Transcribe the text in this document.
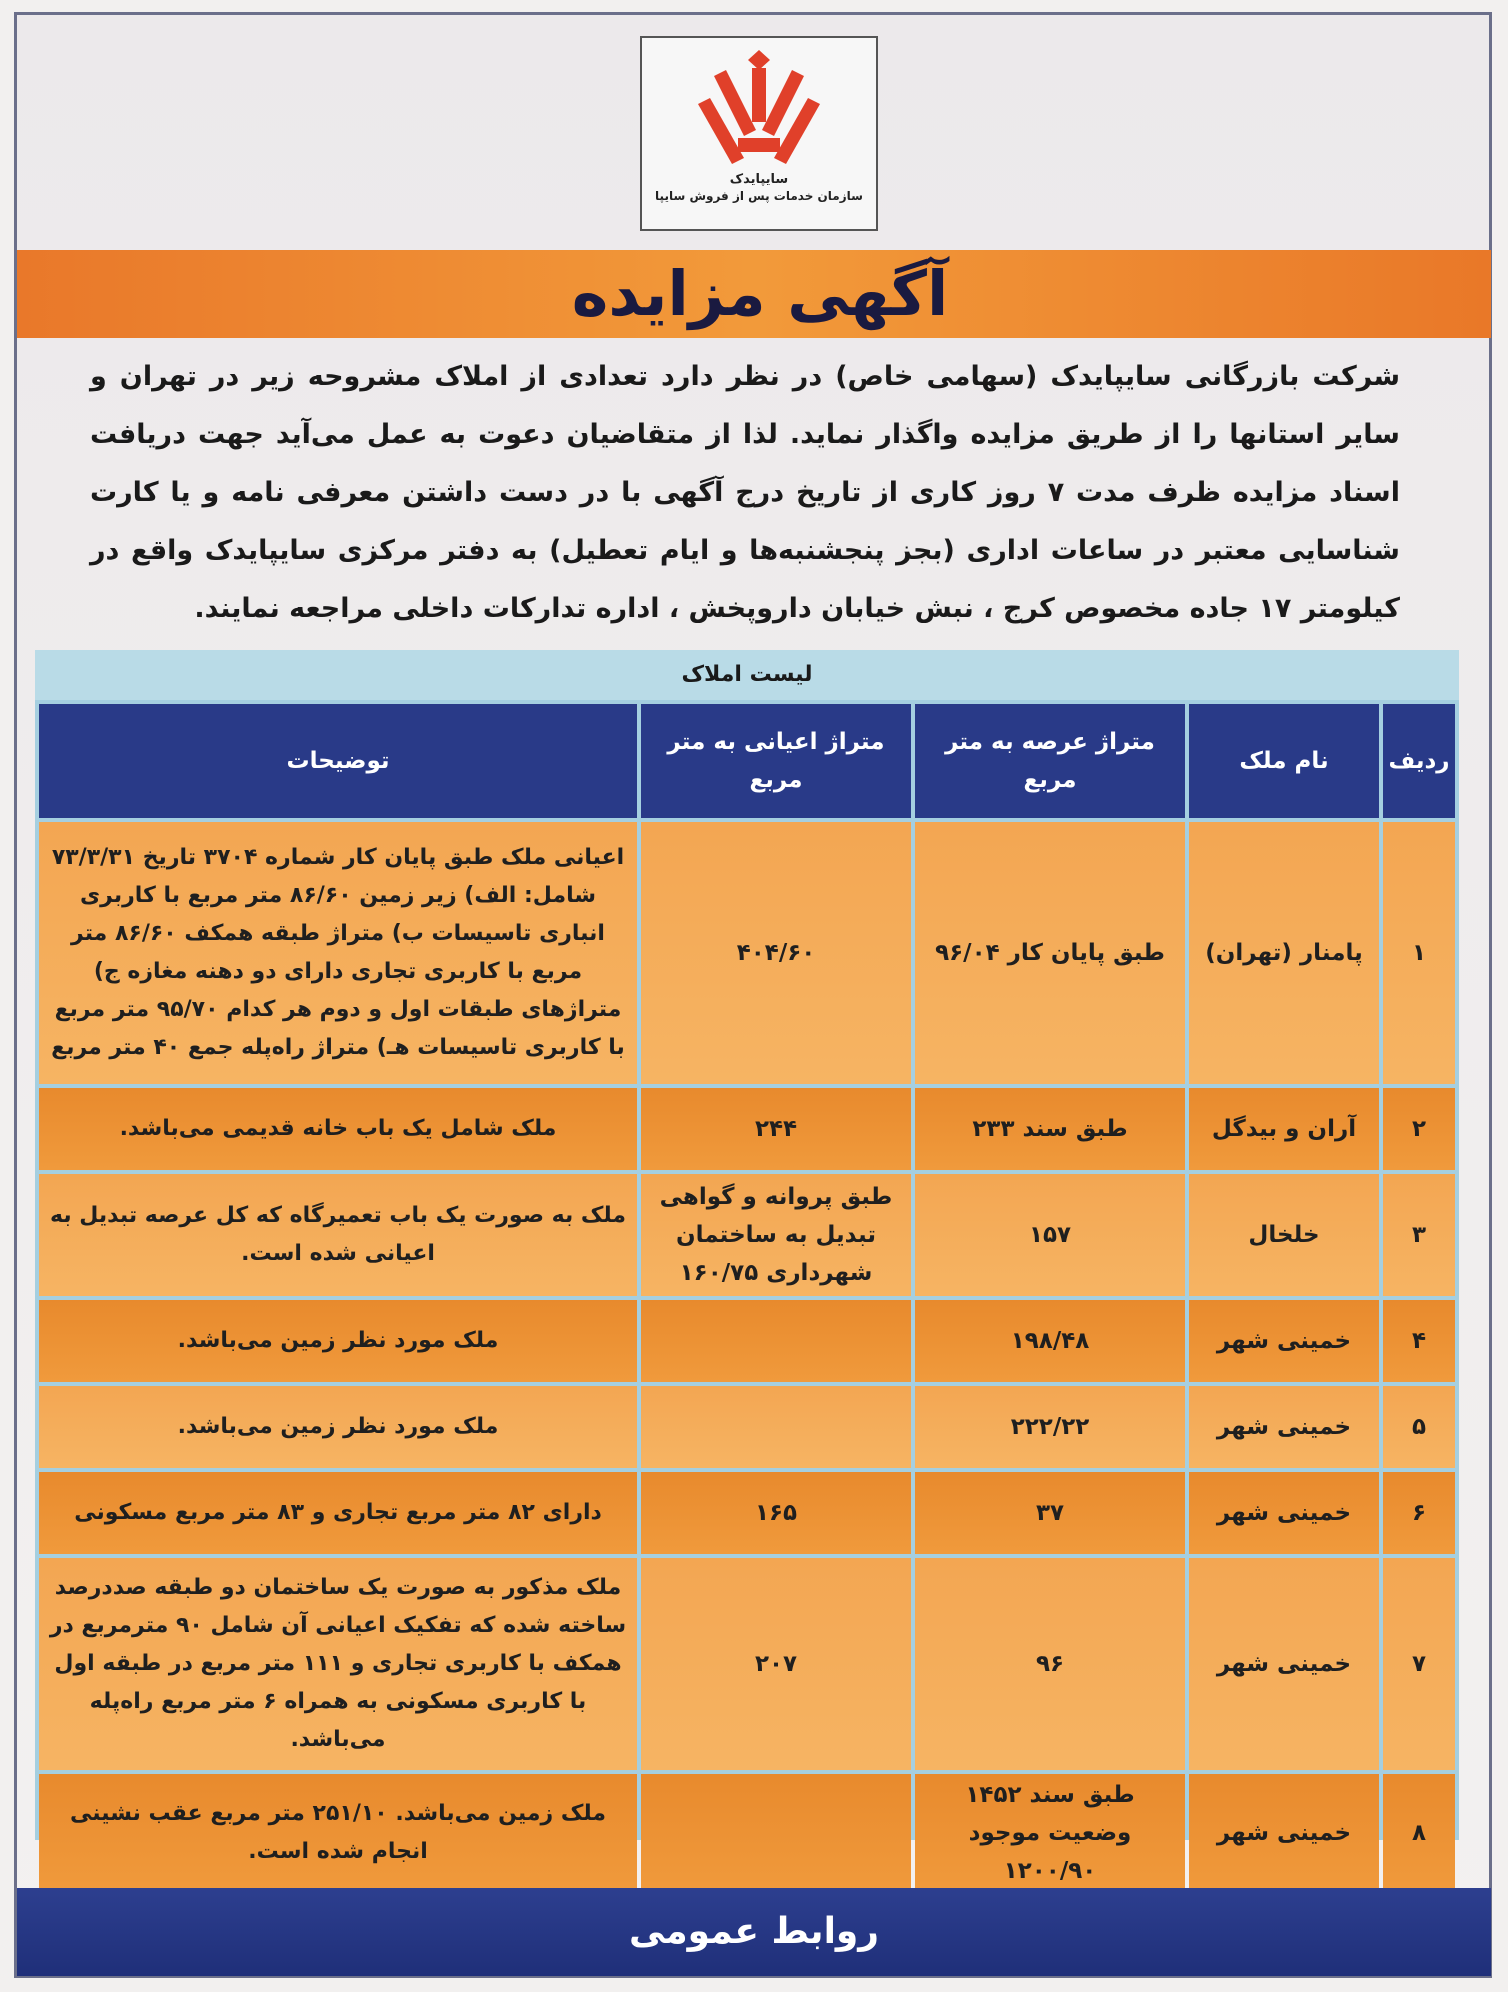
سایپایدک
سازمان خدمات پس از فروش سایپا
آگهی مزایده
شرکت بازرگانی سایپایدک (سهامی خاص) در نظر دارد تعدادی از املاک مشروحه زیر در تهران و سایر استانها را از طریق مزایده واگذار نماید. لذا از متقاضیان دعوت به عمل می‌آید جهت دریافت اسناد مزایده ظرف مدت ۷ روز کاری از تاریخ درج آگهی با در دست داشتن معرفی نامه و یا کارت شناسایی معتبر در ساعات اداری (بجز پنجشنبه‌ها و ایام تعطیل) به دفتر مرکزی سایپایدک واقع در کیلومتر ۱۷ جاده مخصوص کرج ، نبش خیابان داروپخش ، اداره تدارکات داخلی مراجعه نمایند.
لیست املاک
ردیف	نام ملک	متراژ عرصه به متر مربع	متراژ اعیانی به متر مربع	توضیحات
۱	پامنار (تهران)	طبق پایان کار ۹۶/۰۴	۴۰۴/۶۰	اعیانی ملک طبق پایان کار شماره ۳۷۰۴ تاریخ ۷۳/۳/۳۱ شامل: الف) زیر زمین ۸۶/۶۰ متر مربع با کاربری انباری تاسیسات ب) متراژ طبقه همکف ۸۶/۶۰ متر مربع با کاربری تجاری دارای دو دهنه مغازه ج) متراژهای طبقات اول و دوم هر کدام ۹۵/۷۰ متر مربع با کاربری تاسیسات هـ) متراژ راه‌پله جمع ۴۰ متر مربع
۲	آران و بیدگل	طبق سند ۲۳۳	۲۴۴	ملک شامل یک باب خانه قدیمی می‌باشد.
۳	خلخال	۱۵۷	طبق پروانه و گواهی تبدیل به ساختمان شهرداری ۱۶۰/۷۵	ملک به صورت یک باب تعمیرگاه که کل عرصه تبدیل به اعیانی شده است.
۴	خمینی شهر	۱۹۸/۴۸		ملک مورد نظر زمین می‌باشد.
۵	خمینی شهر	۲۲۲/۲۲		ملک مورد نظر زمین می‌باشد.
۶	خمینی شهر	۳۷	۱۶۵	دارای ۸۲ متر مربع تجاری و ۸۳ متر مربع مسکونی
۷	خمینی شهر	۹۶	۲۰۷	ملک مذکور به صورت یک ساختمان دو طبقه صددرصد ساخته شده که تفکیک اعیانی آن شامل ۹۰ مترمربع در همکف با کاربری تجاری و ۱۱۱ متر مربع در طبقه اول با کاربری مسکونی به همراه ۶ متر مربع راه‌پله می‌باشد.
۸	خمینی شهر	طبق سند ۱۴۵۲ وضعیت موجود ۱۲۰۰/۹۰		ملک زمین می‌باشد. ۲۵۱/۱۰ متر مربع عقب نشینی انجام شده است.
روابط عمومی
